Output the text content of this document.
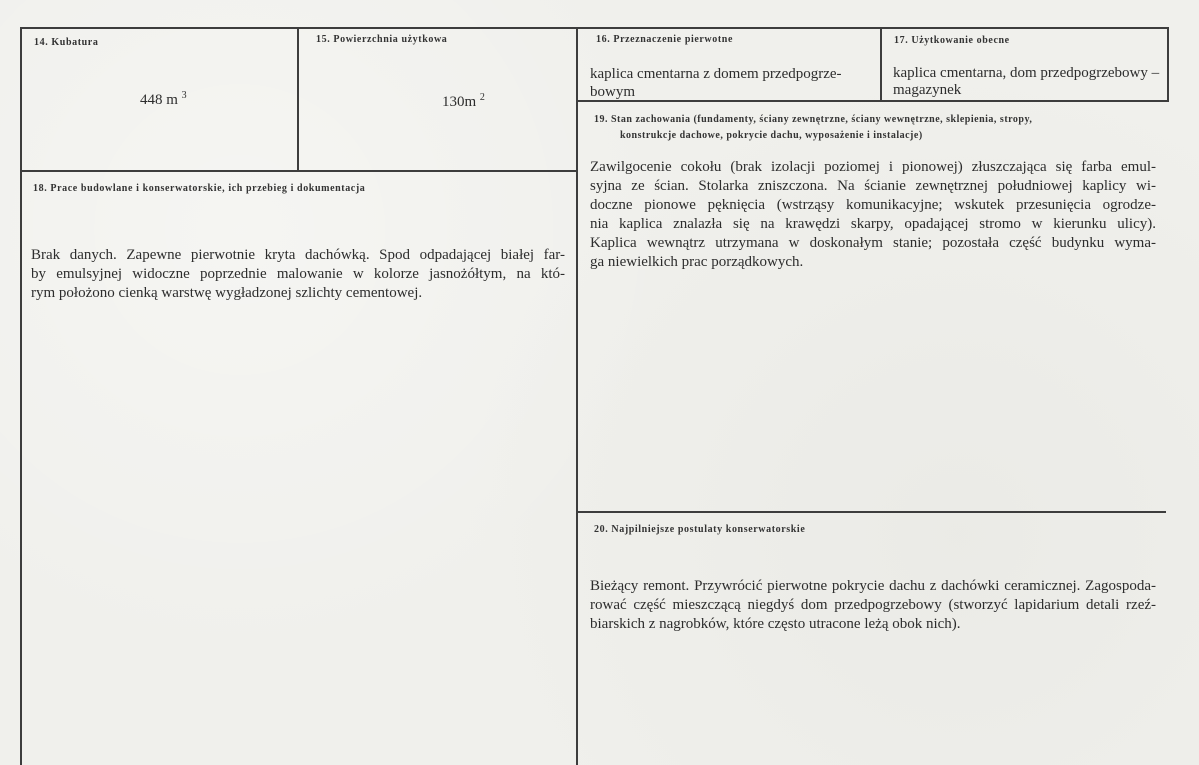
14. Kubatura
448 m $^3$
15. Powierzchnia użytkowa
130m $^2$
16. Przeznaczenie pierwotne
kaplica cmentarna z domem przedpogrze-
bowym
17. Użytkowanie obecne
kaplica cmentarna, dom przedpogrzebowy –
magazynek
18. Prace budowlane i konserwatorskie, ich przebieg i dokumentacja
Brak danych. Zapewne pierwotnie kryta dachówką. Spod odpadającej białej far-
by emulsyjnej widoczne poprzednie malowanie w kolorze jasnożółtym, na któ-
rym położono cienką warstwę wygładzonej szlichty cementowej.
19. Stan zachowania (fundamenty, ściany zewnętrzne, ściany wewnętrzne, sklepienia, stropy,
konstrukcje dachowe, pokrycie dachu, wyposażenie i instalacje)
Zawilgocenie cokołu (brak izolacji poziomej i pionowej) złuszczająca się farba emul-
syjna ze ścian. Stolarka zniszczona. Na ścianie zewnętrznej południowej kaplicy wi-
doczne pionowe pęknięcia (wstrząsy komunikacyjne; wskutek przesunięcia ogrodze-
nia kaplica znalazła się na krawędzi skarpy, opadającej stromo w kierunku ulicy).
Kaplica wewnątrz utrzymana w doskonałym stanie; pozostała część budynku wyma-
ga niewielkich prac porządkowych.
20. Najpilniejsze postulaty konserwatorskie
Bieżący remont. Przywrócić pierwotne pokrycie dachu z dachówki ceramicznej. Zagospoda-
rować część mieszczącą niegdyś dom przedpogrzebowy (stworzyć lapidarium detali rzeź-
biarskich z nagrobków, które często utracone leżą obok nich).
